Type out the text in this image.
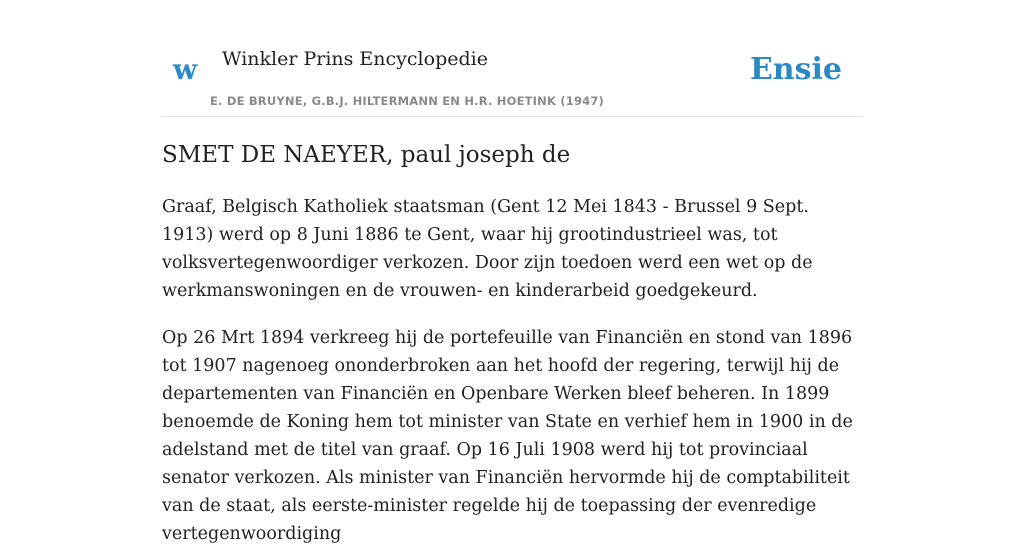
w Winkler Prins Encyclopedie
E. DE BRUYNE, G.B.J. HILTERMANN EN H.R. HOETINK (1947)
Ensie
SMET DE NAEYER, paul joseph de

Graaf, Belgisch Katholiek staatsman (Gent 12 Mei 1843 - Brussel 9 Sept. 1913) werd op 8 Juni 1886 te Gent, waar hij grootindustrieel was, tot volksvertegenwoordiger verkozen. Door zijn toedoen werd een wet op de werkmanswoningen en de vrouwen- en kinderarbeid goedgekeurd.

Op 26 Mrt 1894 verkreeg hij de portefeuille van Financiën en stond van 1896 tot 1907 nagenoeg ononderbroken aan het hoofd der regering, terwijl hij de departementen van Financiën en Openbare Werken bleef beheren. In 1899 benoemde de Koning hem tot minister van State en verhief hem in 1900 in de adelstand met de titel van graaf. Op 16 Juli 1908 werd hij tot provinciaal senator verkozen. Als minister van Financiën hervormde hij de comptabiliteit van de staat, als eerste-minister regelde hij de toepassing der evenredige vertegenwoordiging
